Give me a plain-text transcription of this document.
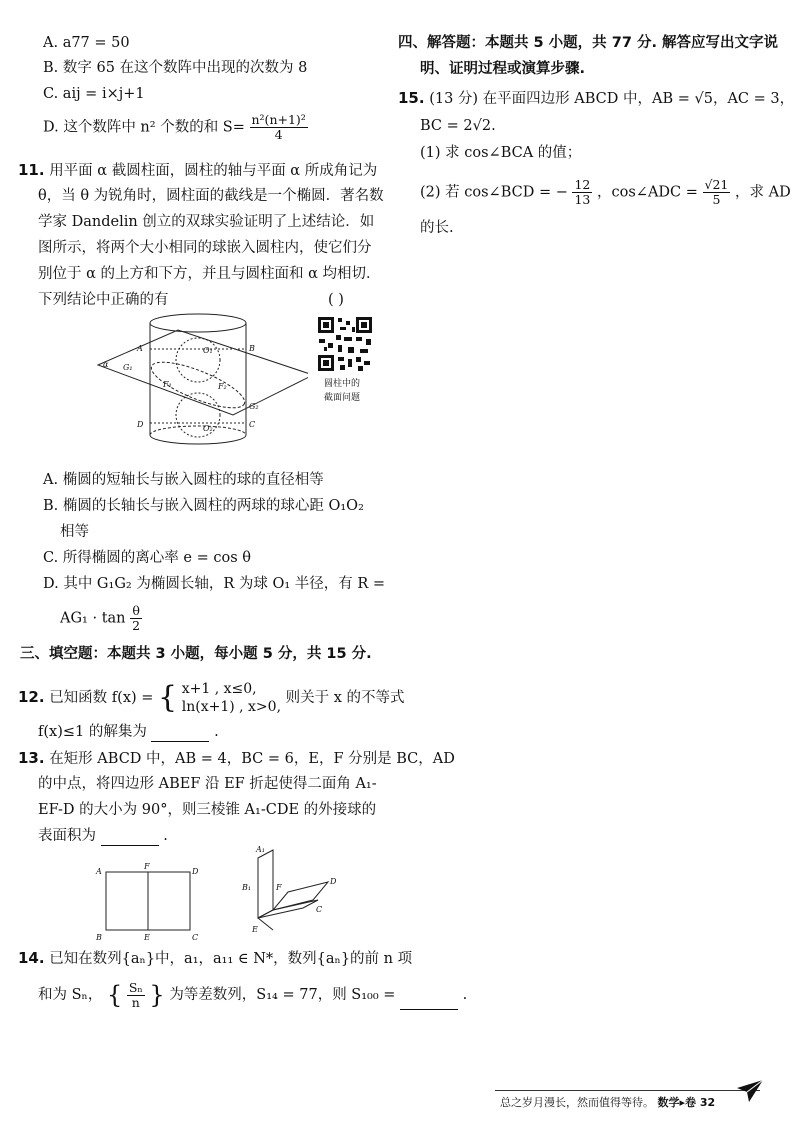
A. a77 = 50
B. 数字 65 在这个数阵中出现的次数为 8
C. aij = i×j+1
D. 这个数阵中 n² 个数的和 $S= \frac{\text{n²(n+1)²}}{4}$
11. 用平面 α 截圆柱面，圆柱的轴与平面 α 所成角记为
θ，当 θ 为锐角时，圆柱面的截线是一个椭圆．著名数
学家 Dandelin 创立的双球实验证明了上述结论．如
图所示，将两个大小相同的球嵌入圆柱内，使它们分
别位于 α 的上方和下方，并且与圆柱面和 α 均相切．
下列结论中正确的有	( )
α G₁
F₁
O₁
A	B
D	C
G₂
O₂
F₂	圆柱中的
截面问题
A. 椭圆的短轴长与嵌入圆柱的球的直径相等
B. 椭圆的长轴长与嵌入圆柱的两球的球心距 O₁O₂
相等
C. 所得椭圆的离心率 e = cos θ
D. 其中 G₁G₂ 为椭圆长轴，R 为球 O₁ 半径，有 R =
$AG_1 \cdot \tan \frac{\theta}{2}$
三、填空题：本题共 3 小题，每小题 5 分，共 15 分.
12. 已知函数 f(x) = { x+1 , x≤0,
ln(x+1) , x>0, 则关于 x 的不等式
f(x)≤1 的解集为	.
13. 在矩形 ABCD 中，AB = 4，BC = 6，E，F 分别是 BC，AD
的中点，将四边形 ABEF 沿 EF 折起使得二面角 A₁-
EF-D 的大小为 90°，则三棱锥 A₁-CDE 的外接球的
表面积为	.
A
F
D
B	E	C
A₁
B₁	F
D
E
C
14. 已知在数列{aₙ}中，a₁，a₁₁ ∈ N*，数列{aₙ}的前 n 项
和为 Sₙ， { $\frac{\text{Sₙ}}{n}$ } 为等差数列，S₁₄ = 77，则 S₁₀₀ =	.
四、解答题：本题共 5 小题，共 77 分. 解答应写出文字说
明、证明过程或演算步骤.
15. (13 分) 在平面四边形 ABCD 中，AB = √5，AC = 3，
BC = 2√2.
(1) 求 cos∠BCA 的值；
(2) 若 cos∠BCD = − $\frac{12}{13}$ ，cos∠ADC = $\frac{√21}{5}$ ，求 AD
的长.
总之岁月漫长，然而值得等待。 数学▸卷 32
